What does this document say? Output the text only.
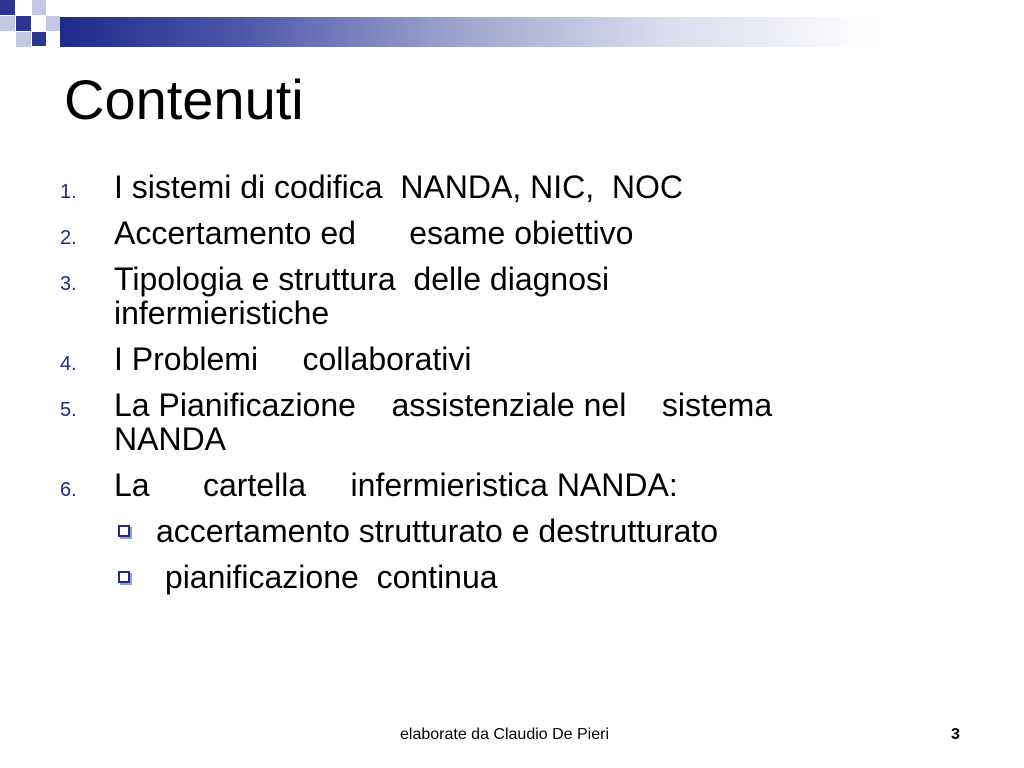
Contenuti
1. I sistemi di codifica  NANDA, NIC,  NOC
2. Accertamento ed      esame obiettivo
3. Tipologia e struttura  delle diagnosi
infermieristiche
4. I Problemi     collaborativi
5. La Pianificazione    assistenziale nel    sistema
NANDA
6. La      cartella     infermieristica NANDA:
accertamento strutturato e destrutturato
pianificazione  continua
elaborate da Claudio De Pieri	3
